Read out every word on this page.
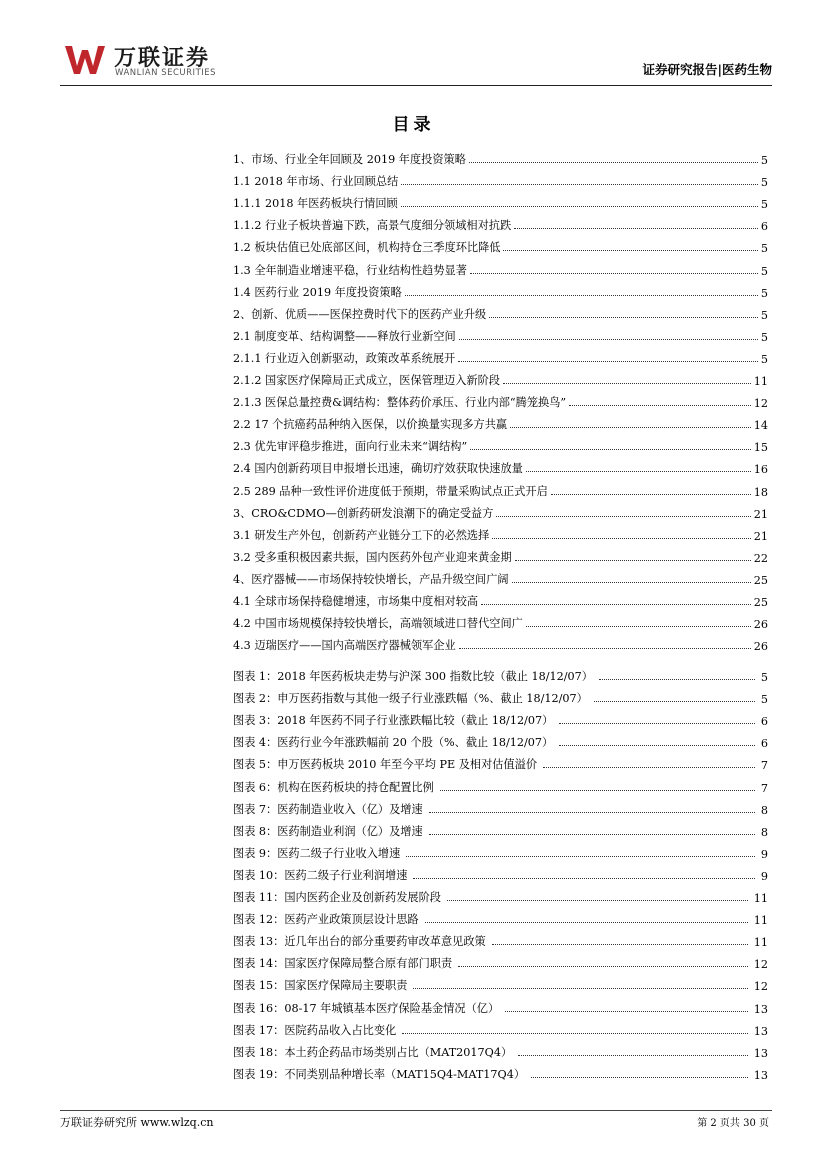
万联证券
WANLIAN SECURITIES	证券研究报告|医药生物
目录
1、市场、行业全年回顾及 2019 年度投资策略	5
1.1 2018 年市场、行业回顾总结	5
1.1.1 2018 年医药板块行情回顾	5
1.1.2 行业子板块普遍下跌，高景气度细分领域相对抗跌	6
1.2 板块估值已处底部区间，机构持仓三季度环比降低	5
1.3 全年制造业增速平稳，行业结构性趋势显著	5
1.4 医药行业 2019 年度投资策略	5
2、创新、优质——医保控费时代下的医药产业升级	5
2.1 制度变革、结构调整——释放行业新空间	5
2.1.1 行业迈入创新驱动，政策改革系统展开	5
2.1.2 国家医疗保障局正式成立，医保管理迈入新阶段	11
2.1.3 医保总量控费&调结构：整体药价承压、行业内部“腾笼换鸟”	12
2.2 17 个抗癌药品种纳入医保，以价换量实现多方共赢	14
2.3 优先审评稳步推进，面向行业未来“调结构”	15
2.4 国内创新药项目申报增长迅速，确切疗效获取快速放量	16
2.5 289 品种一致性评价进度低于预期，带量采购试点正式开启	18
3、CRO&CDMO—创新药研发浪潮下的确定受益方	21
3.1 研发生产外包，创新药产业链分工下的必然选择	21
3.2 受多重积极因素共振，国内医药外包产业迎来黄金期	22
4、医疗器械——市场保持较快增长，产品升级空间广阔	25
4.1 全球市场保持稳健增速，市场集中度相对较高	25
4.2 中国市场规模保持较快增长，高端领域进口替代空间广	26
4.3 迈瑞医疗——国内高端医疗器械领军企业	26
图表 1：2018 年医药板块走势与沪深 300 指数比较（截止 18/12/07）	5
图表 2：申万医药指数与其他一级子行业涨跌幅（%、截止 18/12/07）	5
图表 3：2018 年医药不同子行业涨跌幅比较（截止 18/12/07）	6
图表 4：医药行业今年涨跌幅前 20 个股（%、截止 18/12/07）	6
图表 5：申万医药板块 2010 年至今平均 PE 及相对估值溢价	7
图表 6：机构在医药板块的持仓配置比例	7
图表 7：医药制造业收入（亿）及增速	8
图表 8：医药制造业利润（亿）及增速	8
图表 9：医药二级子行业收入增速	9
图表 10：医药二级子行业利润增速	9
图表 11：国内医药企业及创新药发展阶段	11
图表 12：医药产业政策顶层设计思路	11
图表 13：近几年出台的部分重要药审改革意见政策	11
图表 14：国家医疗保障局整合原有部门职责	12
图表 15：国家医疗保障局主要职责	12
图表 16：08-17 年城镇基本医疗保险基金情况（亿）	13
图表 17：医院药品收入占比变化	13
图表 18：本土药企药品市场类别占比（MAT2017Q4）	13
图表 19：不同类别品种增长率（MAT15Q4-MAT17Q4）	13
万联证券研究所 www.wlzq.cn	第 2 页共 30 页
